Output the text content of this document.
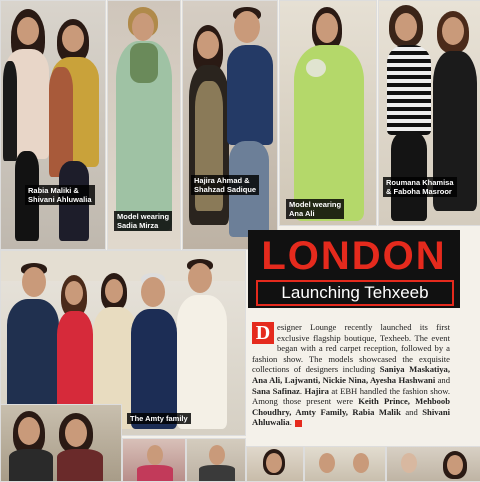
Rabia Maliki &
Shivani Ahluwalia
Model wearing
Sadia Mirza
Hajira Ahmad &
Shahzad Sadique
Model wearing
Ana Ali
Roumana Khamisa
& Faboha Masroor
LONDON
Launching Tehxeeb
The Amty family
D esigner Lounge recently launched its first exclusive flagship boutique, Texheeb. The event began with a red carpet reception, followed by a fashion show. The models showcased the exquisite collections of designers including Saniya Maskatiya, Ana Ali, Lajwanti, Nickie Nina, Ayesha Hashwani and Sana Safinaz. Hajira at EBH handled the fashion show. Among those present were Keith Prince, Mehboob Choudhry, Amty Family, Rabia Malik and Shivani Ahluwalia.
